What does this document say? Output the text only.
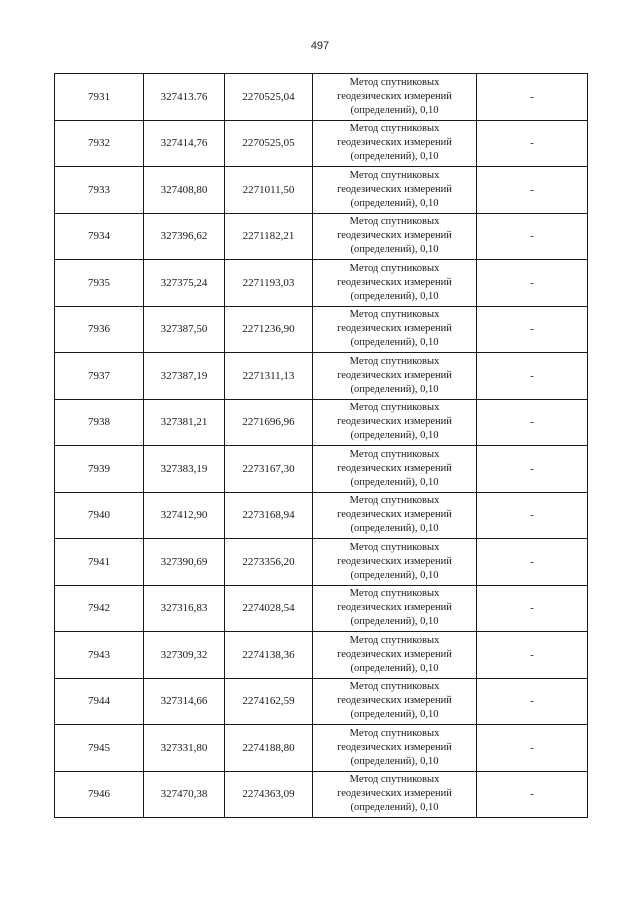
497
7931	327413.76	2270525,04	Метод спутниковых
геодезических измерений
(определений), 0,10	-
7932	327414,76	2270525,05	Метод спутниковых
геодезических измерений
(определений), 0,10	-
7933	327408,80	2271011,50	Метод спутниковых
геодезических измерений
(определений), 0,10	-
7934	327396,62	2271182,21	Метод спутниковых
геодезических измерений
(определений), 0,10	-
7935	327375,24	2271193,03	Метод спутниковых
геодезических измерений
(определений), 0,10	-
7936	327387,50	2271236,90	Метод спутниковых
геодезических измерений
(определений), 0,10	-
7937	327387,19	2271311,13	Метод спутниковых
геодезических измерений
(определений), 0,10	-
7938	327381,21	2271696,96	Метод спутниковых
геодезических измерений
(определений), 0,10	-
7939	327383,19	2273167,30	Метод спутниковых
геодезических измерений
(определений), 0,10	-
7940	327412,90	2273168,94	Метод спутниковых
геодезических измерений
(определений), 0,10	-
7941	327390,69	2273356,20	Метод спутниковых
геодезических измерений
(определений), 0,10	-
7942	327316,83	2274028,54	Метод спутниковых
геодезических измерений
(определений), 0,10	-
7943	327309,32	2274138,36	Метод спутниковых
геодезических измерений
(определений), 0,10	-
7944	327314,66	2274162,59	Метод спутниковых
геодезических измерений
(определений), 0,10	-
7945	327331,80	2274188,80	Метод спутниковых
геодезических измерений
(определений), 0,10	-
7946	327470,38	2274363,09	Метод спутниковых
геодезических измерений
(определений), 0,10	-
